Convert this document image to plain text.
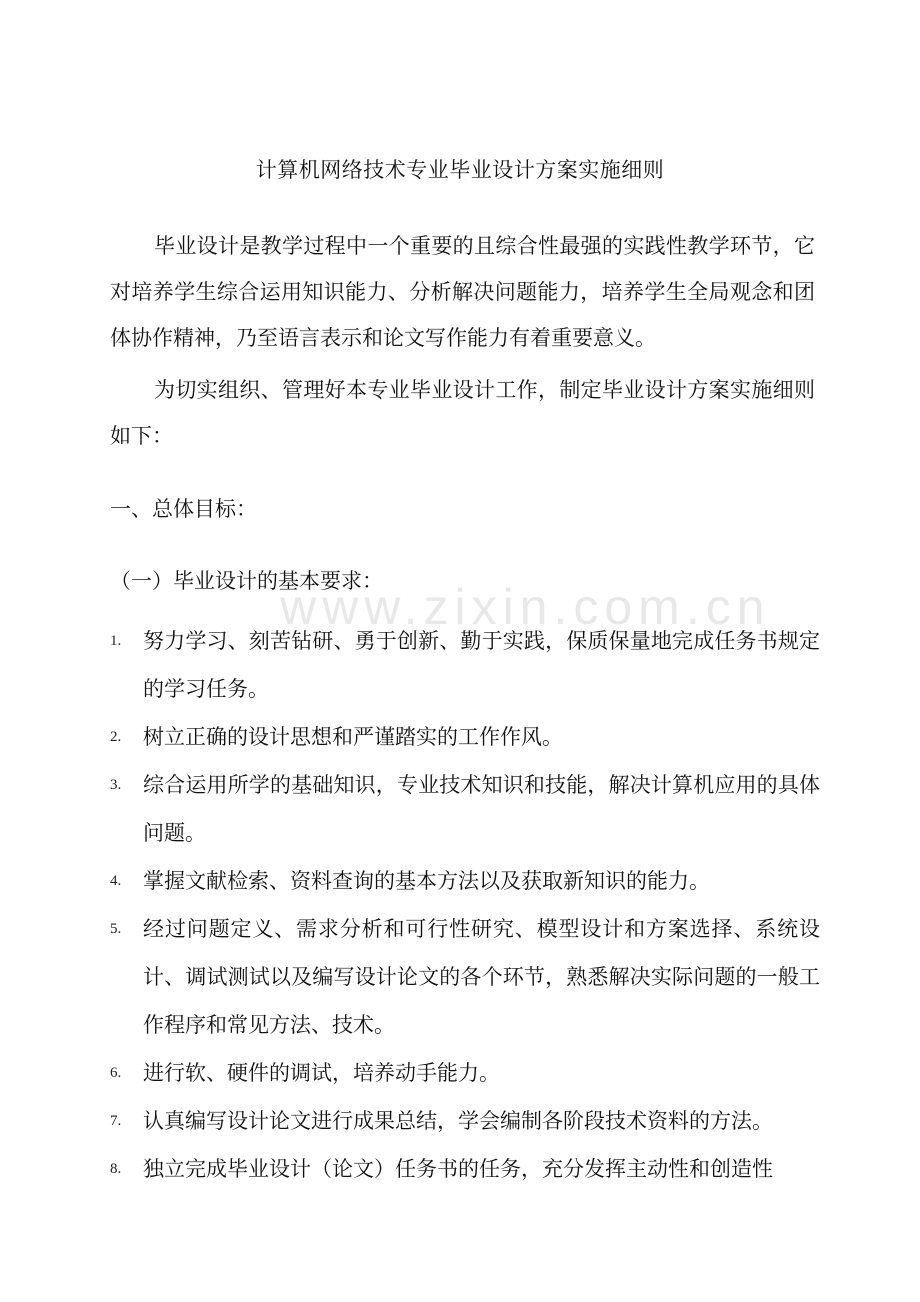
www.zixin.com.cn
计算机网络技术专业毕业设计方案实施细则

毕业设计是教学过程中一个重要的且综合性最强的实践性教学环节，它对培养学生综合运用知识能力、分析解决问题能力，培养学生全局观念和团体协作精神，乃至语言表示和论文写作能力有着重要意义。

为切实组织、管理好本专业毕业设计工作，制定毕业设计方案实施细则如下：

一、总体目标：
（一）毕业设计的基本要求：
1. 努力学习、刻苦钻研、勇于创新、勤于实践，保质保量地完成任务书规定的学习任务。
2. 树立正确的设计思想和严谨踏实的工作作风。
3. 综合运用所学的基础知识，专业技术知识和技能，解决计算机应用的具体问题。
4. 掌握文献检索、资料查询的基本方法以及获取新知识的能力。
5. 经过问题定义、需求分析和可行性研究、模型设计和方案选择、系统设计、调试测试以及编写设计论文的各个环节，熟悉解决实际问题的一般工作程序和常见方法、技术。
6. 进行软、硬件的调试，培养动手能力。
7. 认真编写设计论文进行成果总结，学会编制各阶段技术资料的方法。
8. 独立完成毕业设计（论文）任务书的任务，充分发挥主动性和创造性
